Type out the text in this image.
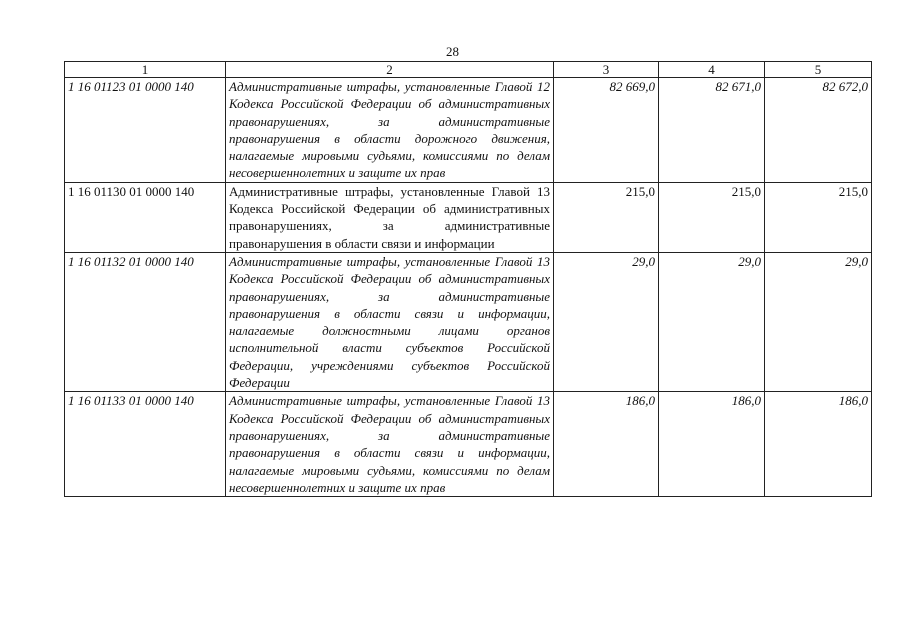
28
1	2	3	4	5
1 16 01123 01 0000 140	Административные штрафы, установленные Главой 12 Кодекса Российской Федерации об административных правонарушениях, за административные правонарушения в области дорожного движения, налагаемые мировыми судьями, комиссиями по делам несовершеннолетних и защите их прав	82 669,0	82 671,0	82 672,0
1 16 01130 01 0000 140	Административные штрафы, установленные Главой 13 Кодекса Российской Федерации об административных правонарушениях, за административные правонарушения в области связи и информации	215,0	215,0	215,0
1 16 01132 01 0000 140	Административные штрафы, установленные Главой 13 Кодекса Российской Федерации об административных правонарушениях, за административные правонарушения в области связи и информации, налагаемые должностными лицами органов исполнительной власти субъектов Российской Федерации, учреждениями субъектов Российской Федерации	29,0	29,0	29,0
1 16 01133 01 0000 140	Административные штрафы, установленные Главой 13 Кодекса Российской Федерации об административных правонарушениях, за административные правонарушения в области связи и информации, налагаемые мировыми судьями, комиссиями по делам несовершеннолетних и защите их прав	186,0	186,0	186,0
